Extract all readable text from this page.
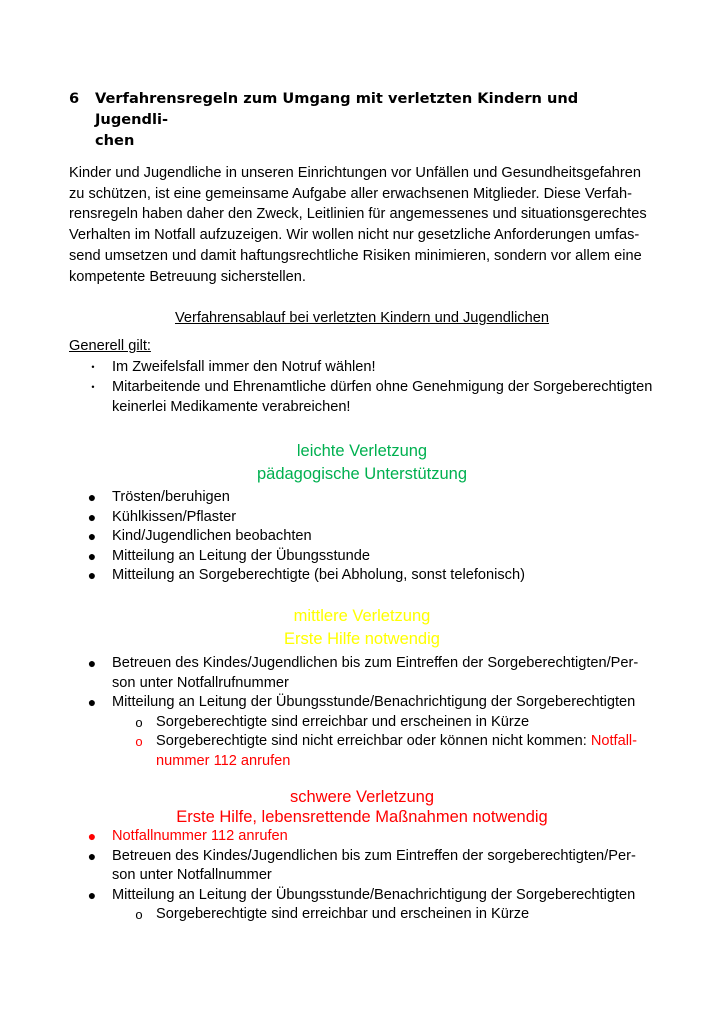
6 Verfahrensregeln zum Umgang mit verletzten Kindern und Jugendli-
chen
Kinder und Jugendliche in unseren Einrichtungen vor Unfällen und Gesundheitsgefahren
zu schützen, ist eine gemeinsame Aufgabe aller erwachsenen Mitglieder. Diese Verfah-
rensregeln haben daher den Zweck, Leitlinien für angemessenes und situationsgerechtes
Verhalten im Notfall aufzuzeigen. Wir wollen nicht nur gesetzliche Anforderungen umfas-
send umsetzen und damit haftungsrechtliche Risiken minimieren, sondern vor allem eine
kompetente Betreuung sicherstellen.
Verfahrensablauf bei verletzten Kindern und Jugendlichen
Generell gilt:
•	Im Zweifelsfall immer den Notruf wählen!
•	Mitarbeitende und Ehrenamtliche dürfen ohne Genehmigung der Sorgeberechtigten
keinerlei Medikamente verabreichen!
leichte Verletzung
pädagogische Unterstützung
● Trösten/beruhigen
● Kühlkissen/Pflaster
● Kind/Jugendlichen beobachten
● Mitteilung an Leitung der Übungsstunde
● Mitteilung an Sorgeberechtigte (bei Abholung, sonst telefonisch)
mittlere Verletzung
Erste Hilfe notwendig
● Betreuen des Kindes/Jugendlichen bis zum Eintreffen der Sorgeberechtigten/Per-
son unter Notfallrufnummer
● Mitteilung an Leitung der Übungsstunde/Benachrichtigung der Sorgeberechtigten
o Sorgeberechtigte sind erreichbar und erscheinen in Kürze
o Sorgeberechtigte sind nicht erreichbar oder können nicht kommen: Notfall-
nummer 112 anrufen
schwere Verletzung
Erste Hilfe, lebensrettende Maßnahmen notwendig
● Notfallnummer 112 anrufen
● Betreuen des Kindes/Jugendlichen bis zum Eintreffen der sorgeberechtigten/Per-
son unter Notfallnummer
● Mitteilung an Leitung der Übungsstunde/Benachrichtigung der Sorgeberechtigten
o Sorgeberechtigte sind erreichbar und erscheinen in Kürze
